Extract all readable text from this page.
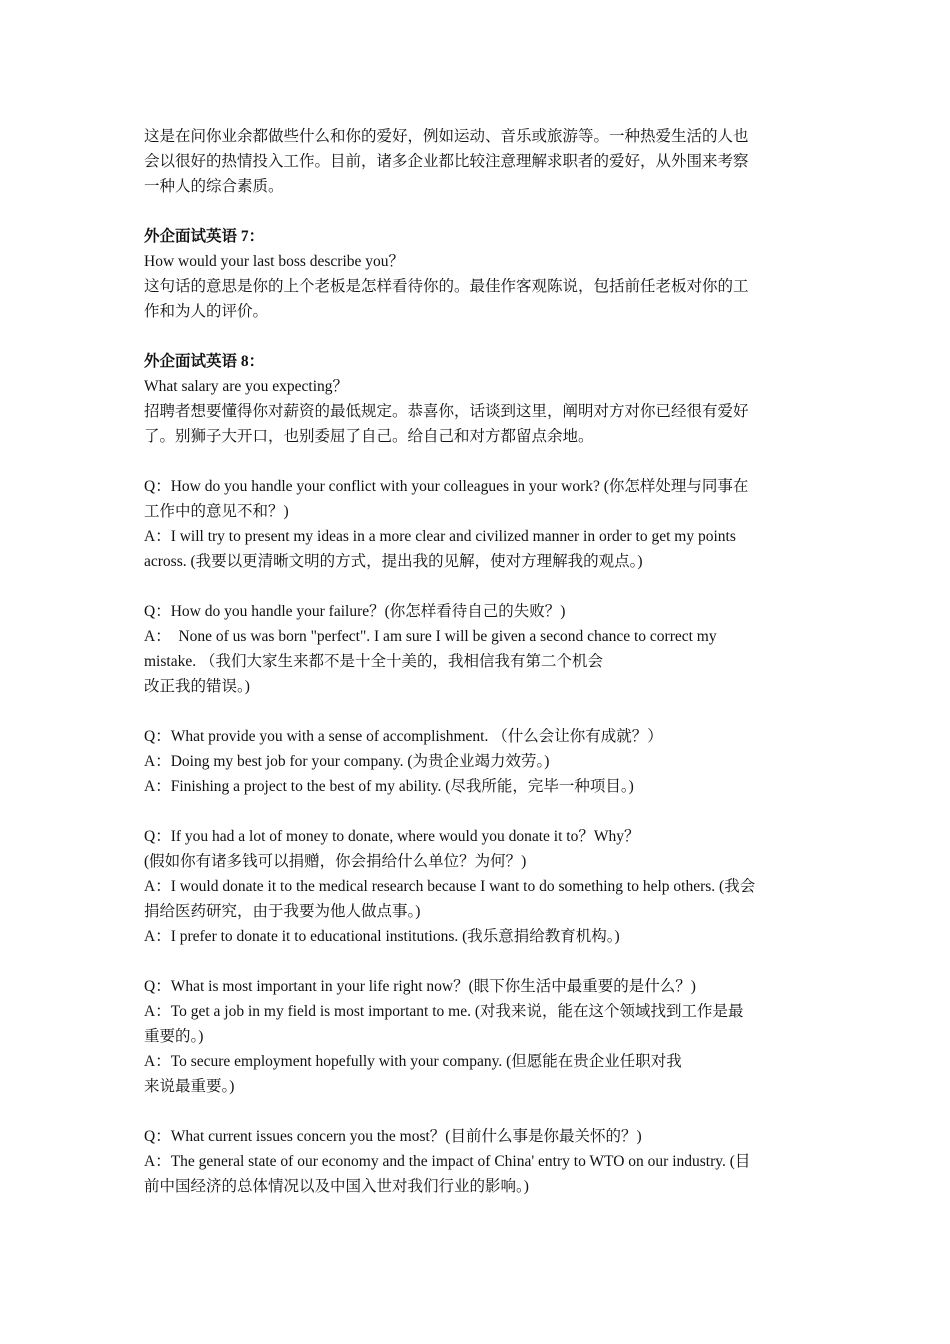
这是在问你业余都做些什么和你的爱好，例如运动、音乐或旅游等。一种热爱生活的人也

会以很好的热情投入工作。目前，诸多企业都比较注意理解求职者的爱好，从外围来考察

一种人的综合素质。

外企面试英语 7：

How would your last boss describe you？

这句话的意思是你的上个老板是怎样看待你的。最佳作客观陈说，包括前任老板对你的工

作和为人的评价。

外企面试英语 8：

What salary are you expecting？

招聘者想要懂得你对薪资的最低规定。恭喜你，话谈到这里，阐明对方对你已经很有爱好

了。别狮子大开口，也别委屈了自己。给自己和对方都留点余地。

Q：How do you handle your conflict with your colleagues in your work? (你怎样处理与同事在

工作中的意见不和？)

A：I will try to present my ideas in a more clear and civilized manner in order to get my points

across. (我要以更清晰文明的方式，提出我的见解，使对方理解我的观点。)

Q：How do you handle your failure？(你怎样看待自己的失败？)

A：  None of us was born "perfect". I am sure I will be given a second chance to correct my

mistake. （我们大家生来都不是十全十美的，我相信我有第二个机会

改正我的错误。)

Q：What provide you with a sense of accomplishment. （什么会让你有成就？）

A：Doing my best job for your company. (为贵企业竭力效劳。)

A：Finishing a project to the best of my ability. (尽我所能，完毕一种项目。)

Q：If you had a lot of money to donate, where would you donate it to？Why？

(假如你有诸多钱可以捐赠，你会捐给什么单位？为何？)

A：I would donate it to the medical research because I want to do something to help others. (我会

捐给医药研究，由于我要为他人做点事。)

A：I prefer to donate it to educational institutions. (我乐意捐给教育机构。)

Q：What is most important in your life right now？(眼下你生活中最重要的是什么？)

A：To get a job in my field is most important to me. (对我来说，能在这个领域找到工作是最

重要的。)

A：To secure employment hopefully with your company. (但愿能在贵企业任职对我

来说最重要。)

Q：What current issues concern you the most？(目前什么事是你最关怀的？)

A：The general state of our economy and the impact of China' entry to WTO on our industry. (目

前中国经济的总体情况以及中国入世对我们行业的影响。)
